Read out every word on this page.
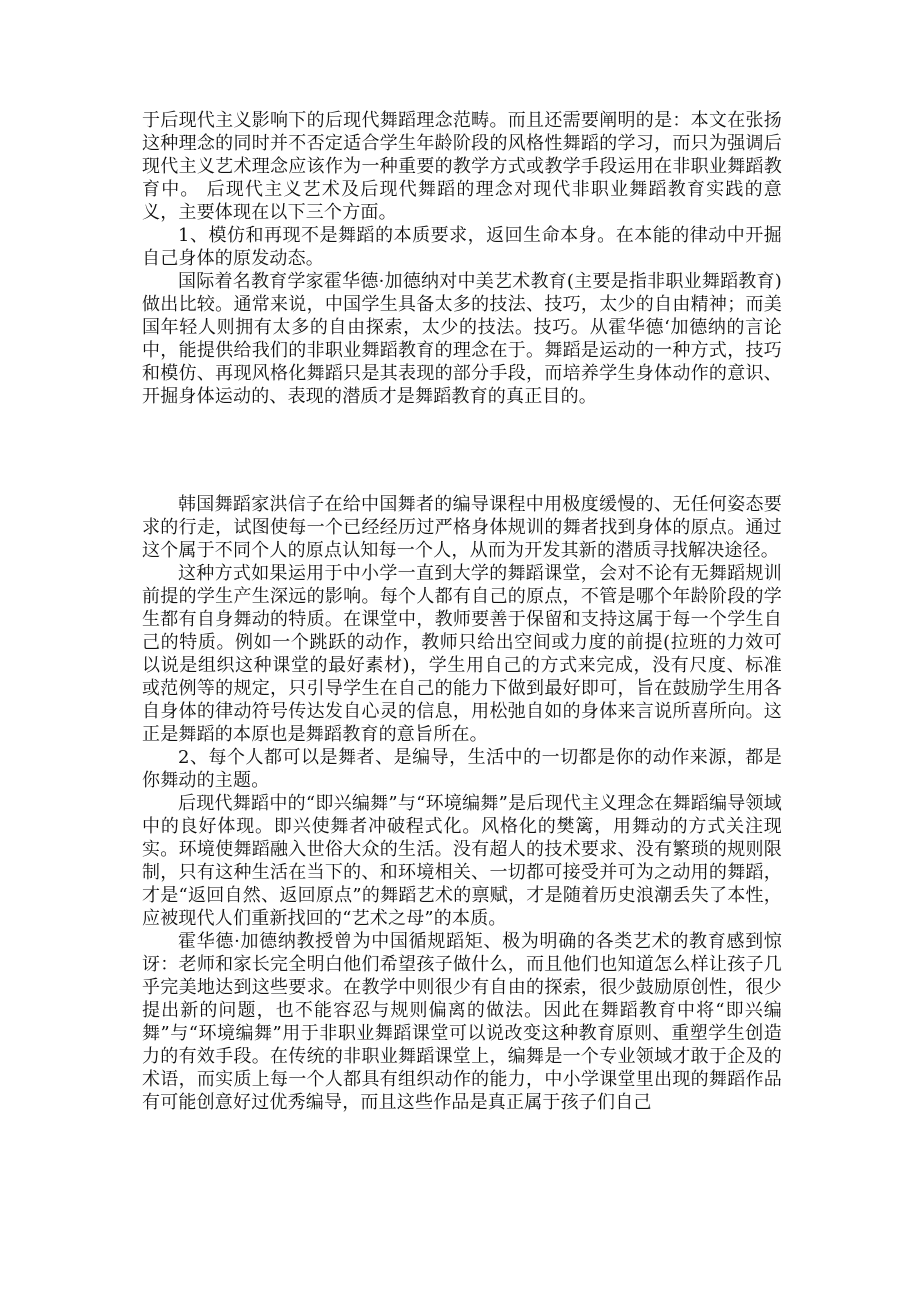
于后现代主义影响下的后现代舞蹈理念范畴。而且还需要阐明的是：本文在张扬这种理念的同时并不否定适合学生年龄阶段的风格性舞蹈的学习，而只为强调后现代主义艺术理念应该作为一种重要的教学方式或教学手段运用在非职业舞蹈教育中。 后现代主义艺术及后现代舞蹈的理念对现代非职业舞蹈教育实践的意义，主要体现在以下三个方面。

1、模仿和再现不是舞蹈的本质要求，返回生命本身。在本能的律动中开掘自己身体的原发动态。

国际着名教育学家霍华德·加德纳对中美艺术教育(主要是指非职业舞蹈教育)做出比较。通常来说，中国学生具备太多的技法、技巧，太少的自由精神；而美国年轻人则拥有太多的自由探索，太少的技法。技巧。从霍华德‘加德纳的言论中，能提供给我们的非职业舞蹈教育的理念在于。舞蹈是运动的一种方式，技巧和模仿、再现风格化舞蹈只是其表现的部分手段，而培养学生身体动作的意识、开掘身体运动的、表现的潜质才是舞蹈教育的真正目的。

韩国舞蹈家洪信子在给中国舞者的编导课程中用极度缓慢的、无任何姿态要求的行走，试图使每一个已经经历过严格身体规训的舞者找到身体的原点。通过这个属于不同个人的原点认知每一个人，从而为开发其新的潜质寻找解决途径。

这种方式如果运用于中小学一直到大学的舞蹈课堂，会对不论有无舞蹈规训前提的学生产生深远的影响。每个人都有自己的原点，不管是哪个年龄阶段的学生都有自身舞动的特质。在课堂中，教师要善于保留和支持这属于每一个学生自己的特质。例如一个跳跃的动作，教师只给出空间或力度的前提(拉班的力效可以说是组织这种课堂的最好素材)，学生用自己的方式来完成，没有尺度、标准或范例等的规定，只引导学生在自己的能力下做到最好即可，旨在鼓励学生用各自身体的律动符号传达发自心灵的信息，用松弛自如的身体来言说所喜所向。这正是舞蹈的本原也是舞蹈教育的意旨所在。

2、每个人都可以是舞者、是编导，生活中的一切都是你的动作来源，都是你舞动的主题。

后现代舞蹈中的“即兴编舞”与“环境编舞”是后现代主义理念在舞蹈编导领域中的良好体现。即兴使舞者冲破程式化。风格化的樊篱，用舞动的方式关注现实。环境使舞蹈融入世俗大众的生活。没有超人的技术要求、没有繁琐的规则限制，只有这种生活在当下的、和环境相关、一切都可接受并可为之动用的舞蹈，才是“返回自然、返回原点”的舞蹈艺术的禀赋，才是随着历史浪潮丢失了本性，应被现代人们重新找回的“艺术之母”的本质。

霍华德·加德纳教授曾为中国循规蹈矩、极为明确的各类艺术的教育感到惊讶：老师和家长完全明白他们希望孩子做什么，而且他们也知道怎么样让孩子几乎完美地达到这些要求。在教学中则很少有自由的探索，很少鼓励原创性，很少提出新的问题，也不能容忍与规则偏离的做法。因此在舞蹈教育中将“即兴编舞”与“环境编舞”用于非职业舞蹈课堂可以说改变这种教育原则、重塑学生创造力的有效手段。在传统的非职业舞蹈课堂上，编舞是一个专业领域才敢于企及的术语，而实质上每一个人都具有组织动作的能力，中小学课堂里出现的舞蹈作品有可能创意好过优秀编导，而且这些作品是真正属于孩子们自己
